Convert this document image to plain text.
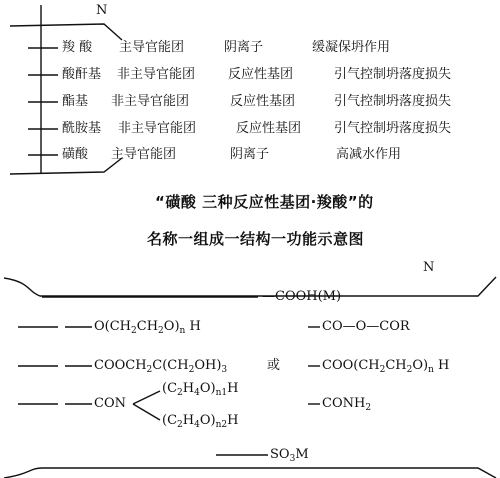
N
羧 酸 主导官能团	阴离子	缓凝保坍作用
酸酐基 非主导官能团	反应性基团	引气控制坍落度损失
酯基 非主导官能团	反应性基团	引气控制坍落度损失
酰胺基 非主导官能团	反应性基团	引气控制坍落度损失
磺酸 主导官能团	阴离子	高减水作用
“磺酸 三种反应性基团·羧酸”的
名称一组成一结构一功能示意图
N
—COOH(M)
$O(CH_2CH_2O)_n$ H	CO—O—COR
$COOCH_2C(CH_2OH)_3$	或	$COO(CH_2CH_2O)_n$ H
CON
$(C_2H_4O)_{n1}H$
$(C_2H_4O)_{n2}H$
$CONH_2$
$SO_3M$
